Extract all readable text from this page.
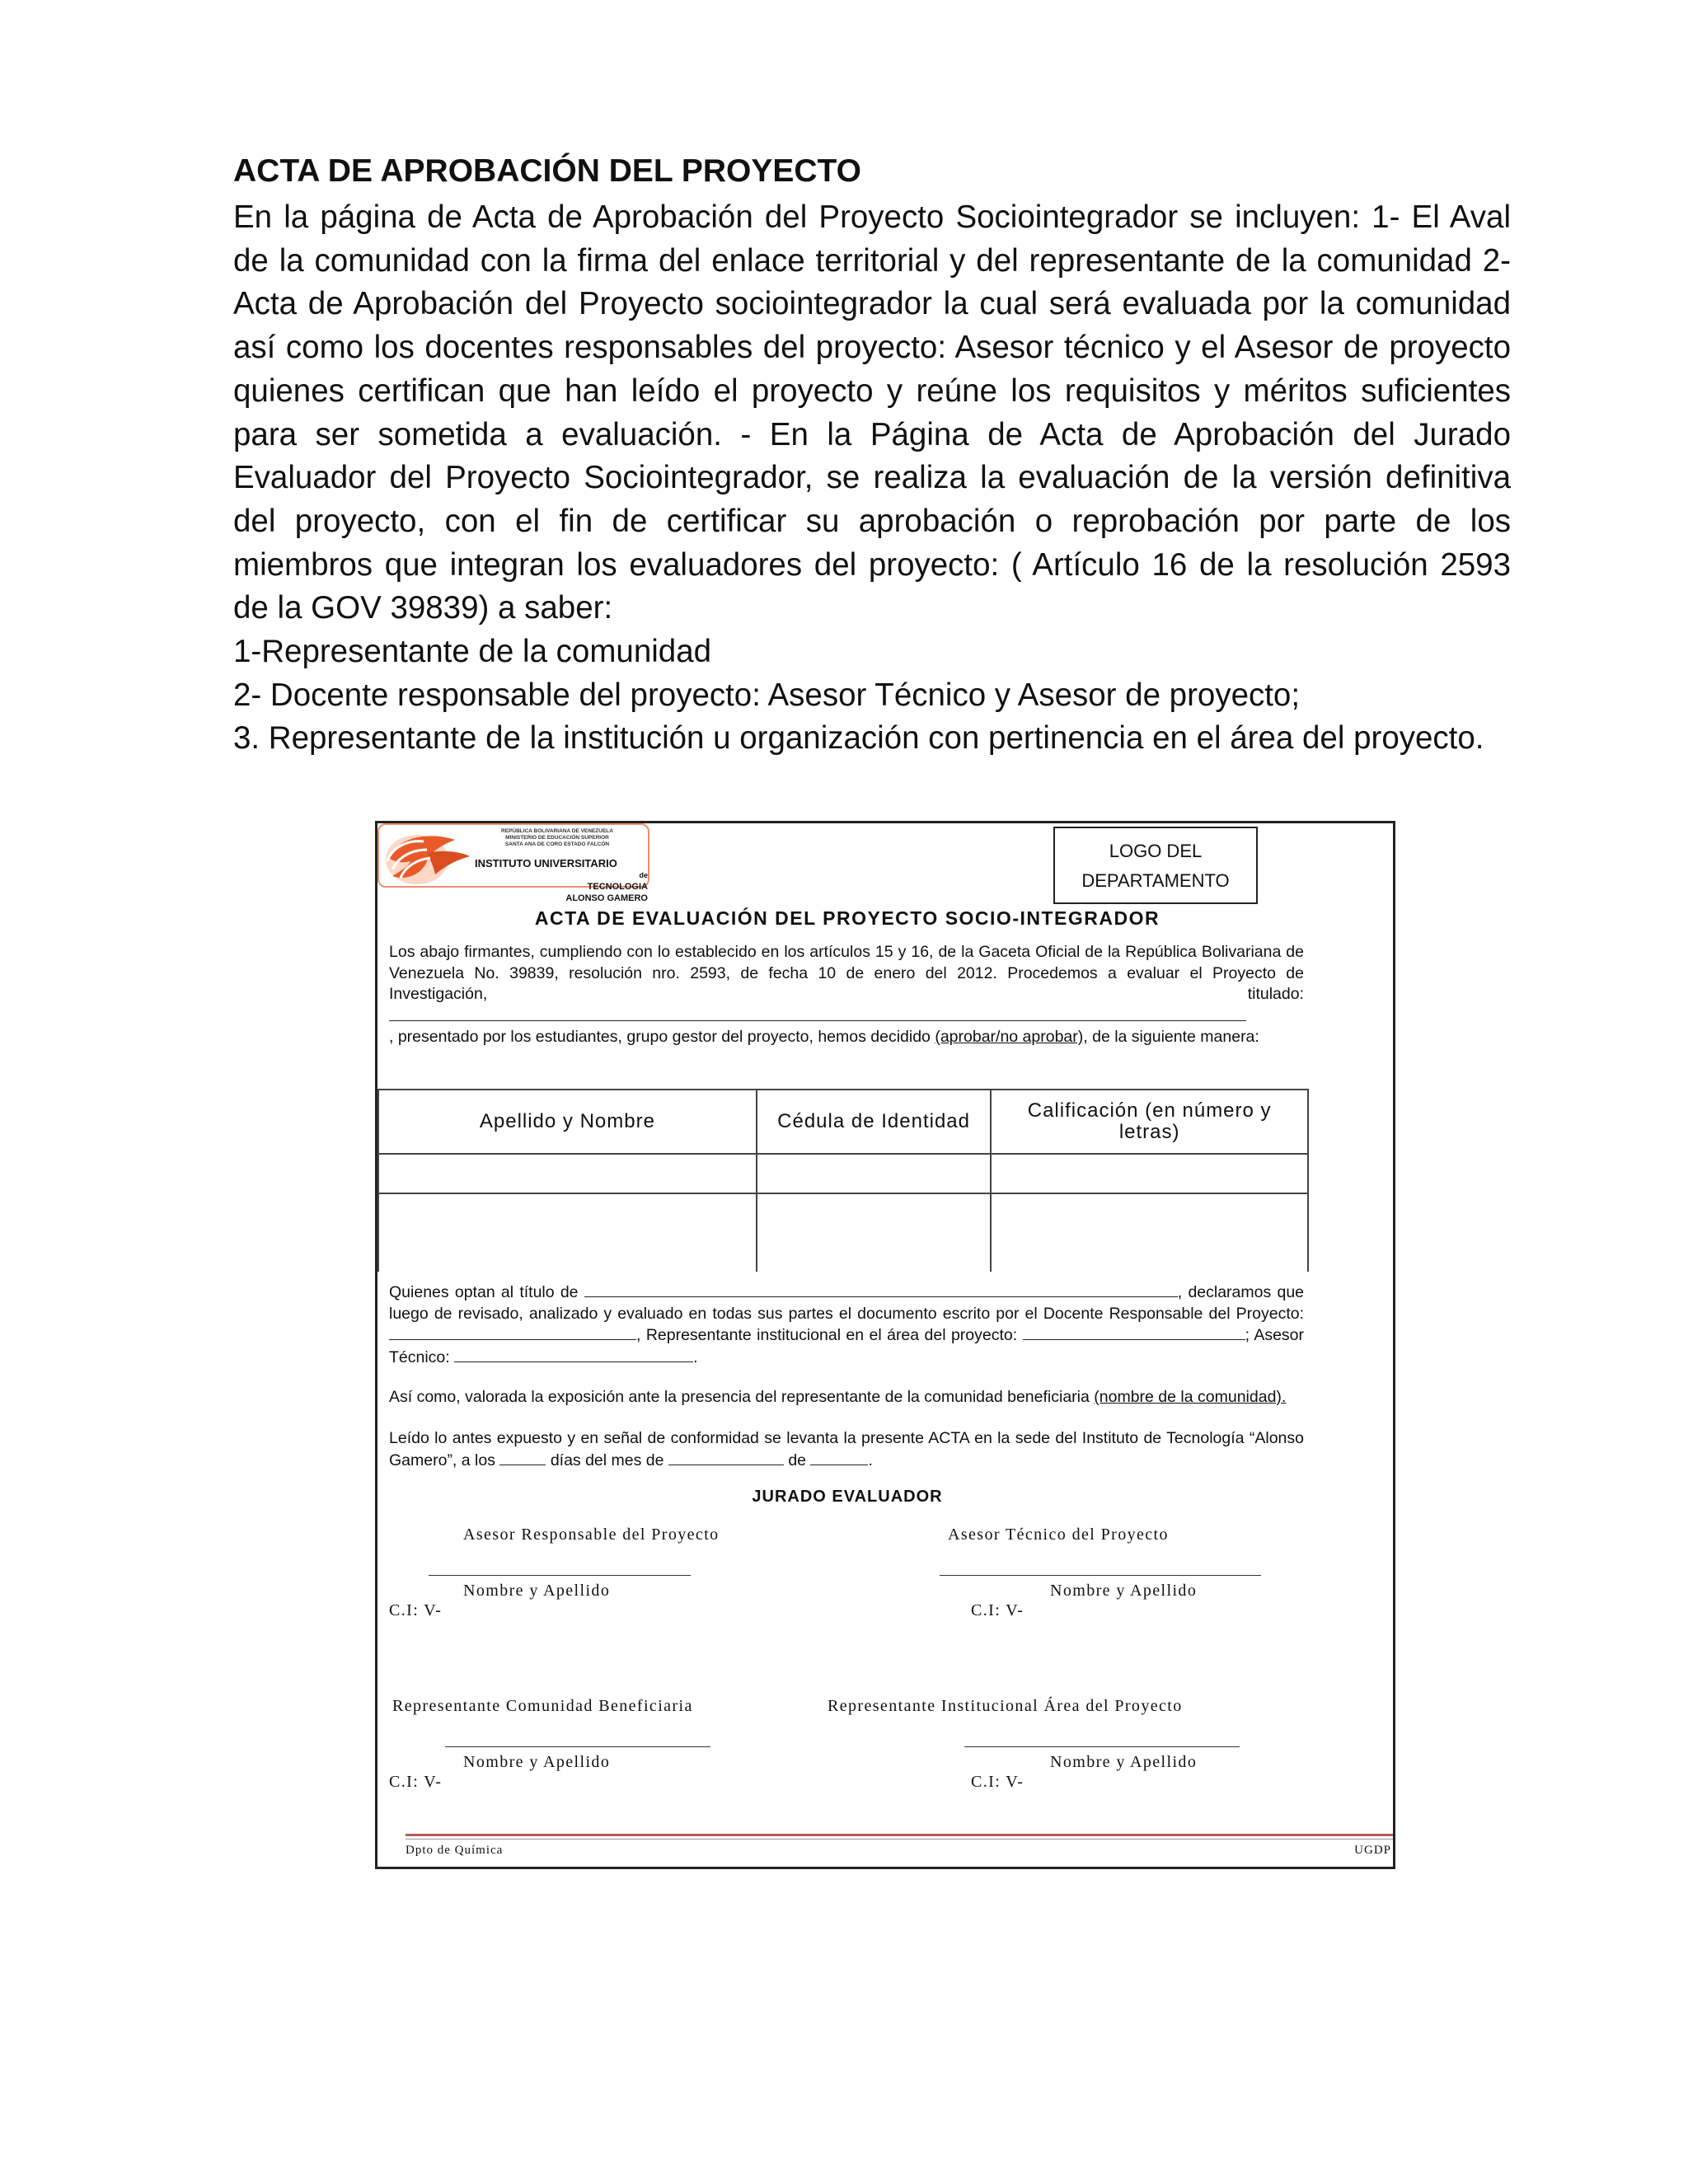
ACTA DE APROBACIÓN DEL PROYECTO

En la página de Acta de Aprobación del Proyecto Sociointegrador se incluyen: 1- El Aval de la comunidad con la firma del enlace territorial y del representante de la comunidad 2- Acta de Aprobación del Proyecto sociointegrador la cual será evaluada por la comunidad así como los docentes responsables del proyecto: Asesor técnico y el Asesor de proyecto quienes certifican que han leído el proyecto y reúne los requisitos y méritos suficientes para ser sometida a evaluación. - En la Página de Acta de Aprobación del Jurado Evaluador del Proyecto Sociointegrador, se realiza la evaluación de la versión definitiva del proyecto, con el fin de certificar su aprobación o reprobación por parte de los miembros que integran los evaluadores del proyecto: ( Artículo 16 de la resolución 2593 de la GOV 39839) a saber:

1-Representante de la comunidad

2- Docente responsable del proyecto: Asesor Técnico y Asesor de proyecto;

3. Representante de la institución u organización con pertinencia en el área del proyecto.

REPÚBLICA BOLIVARIANA DE VENEZUELA
MINISTERIO DE EDUCACIÓN SUPERIOR
SANTA ANA DE CORO ESTADO FALCÓN
INSTITUTO UNIVERSITARIO
de
TECNOLOGIA
ALONSO GAMERO
LOGO DEL
DEPARTAMENTO
ACTA DE EVALUACIÓN DEL PROYECTO SOCIO-INTEGRADOR
Los abajo firmantes, cumpliendo con lo establecido en los artículos 15 y 16, de la Gaceta Oficial de la República Bolivariana de Venezuela No. 39839, resolución nro. 2593, de fecha 10 de enero del 2012. Procedemos a evaluar el Proyecto de Investigación, titulado:
, presentado por los estudiantes, grupo gestor del proyecto, hemos decidido (aprobar/no aprobar), de la siguiente manera:
Apellido y Nombre	Cédula de Identidad	Calificación (en número y letras)

Quienes optan al título de	, declaramos que luego de revisado, analizado y evaluado en todas sus partes el documento escrito por el Docente Responsable del Proyecto: , Representante institucional en el área del proyecto:	; Asesor Técnico:	.
Así como, valorada la exposición ante la presencia del representante de la comunidad beneficiaria (nombre de la comunidad).
Leído lo antes expuesto y en señal de conformidad se levanta la presente ACTA en la sede del Instituto de Tecnología “Alonso Gamero”, a los	días del mes de	de	.
JURADO EVALUADOR
Asesor Responsable del Proyecto
Nombre y Apellido
C.I: V-
Asesor Técnico del Proyecto
Nombre y Apellido
C.I: V-
Representante Comunidad Beneficiaria
Nombre y Apellido
C.I: V-
Representante Institucional Área del Proyecto
Nombre y Apellido
C.I: V-
Dpto de Química	UGDP
